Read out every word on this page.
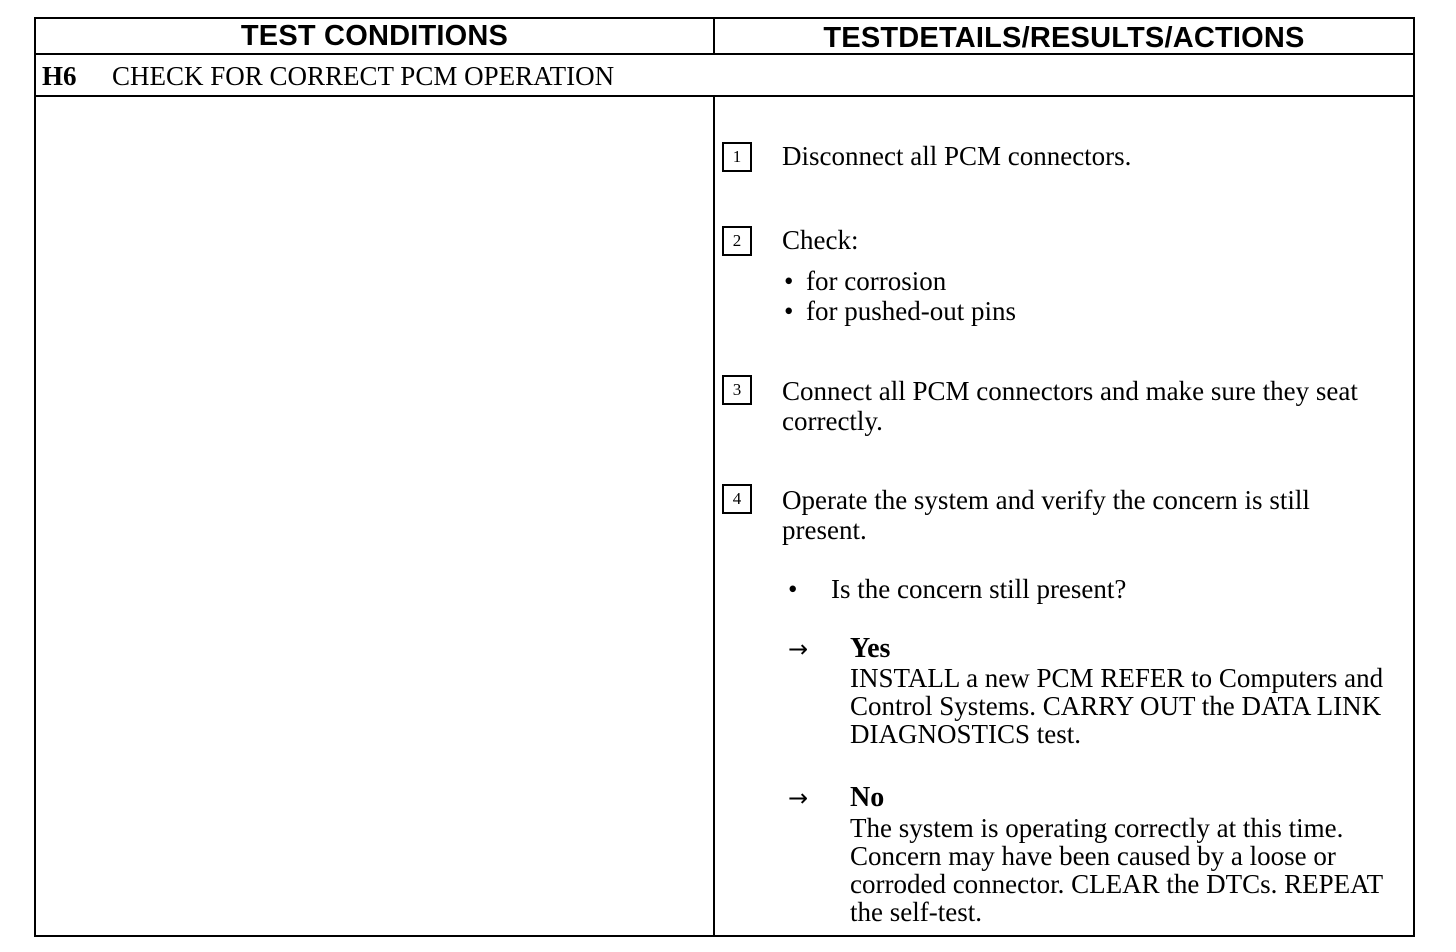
TEST CONDITIONS	TESTDETAILS/RESULTS/ACTIONS
H6 CHECK FOR CORRECT PCM OPERATION
1	Disconnect all PCM connectors.
2	Check:
• for corrosion
• for pushed-out pins
3	Connect all PCM connectors and make sure they seat correctly.
4	Operate the system and verify the concern is still present.
• Is the concern still present?
→ Yes
INSTALL a new PCM REFER to Computers and Control Systems. CARRY OUT the DATA LINK DIAGNOSTICS test.
→ No
The system is operating correctly at this time. Concern may have been caused by a loose or corroded connector. CLEAR the DTCs. REPEAT the self-test.
